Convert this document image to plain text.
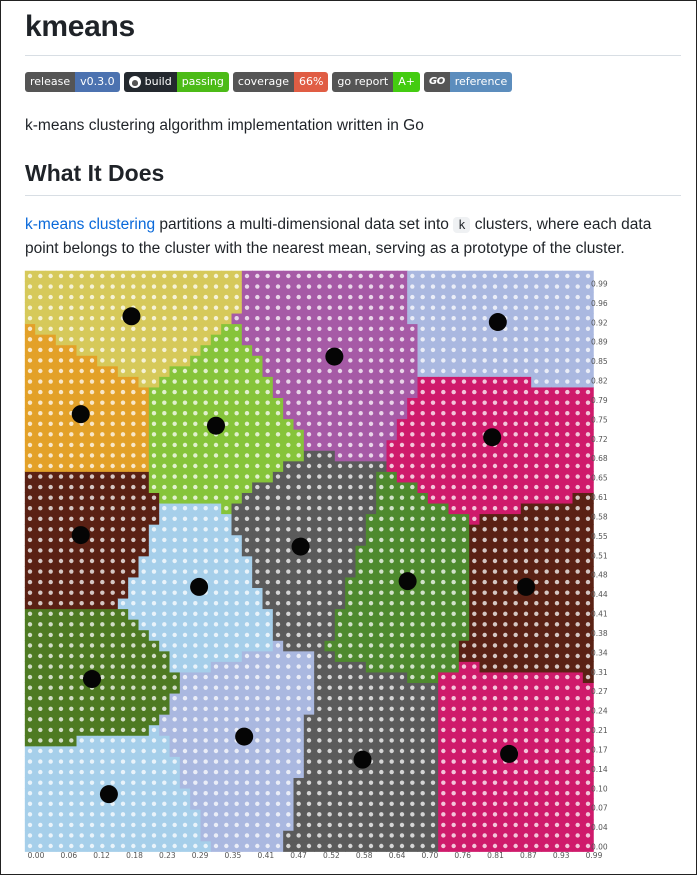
kmeans
release v0.3.0	build passing	coverage 66%	go report A+	GO reference
k-means clustering algorithm implementation written in Go
What It Does
k-means clustering partitions a multi-dimensional data set into k clusters, where each data point belongs to the cluster with the nearest mean, serving as a prototype of the cluster.
0.00 0.06 0.12 0.18 0.23 0.29 0.35 0.41 0.47 0.52 0.58 0.64 0.70 0.76 0.81 0.87 0.93 0.99
0.99
0.96
0.92
0.89
0.85
0.82
0.79
0.75
0.72
0.68
0.65
0.61
0.58
0.55
0.51
0.48
0.44
0.41
0.38
0.34
0.31
0.27
0.24
0.21
0.17
0.14
0.10
0.07
0.04
0.00
